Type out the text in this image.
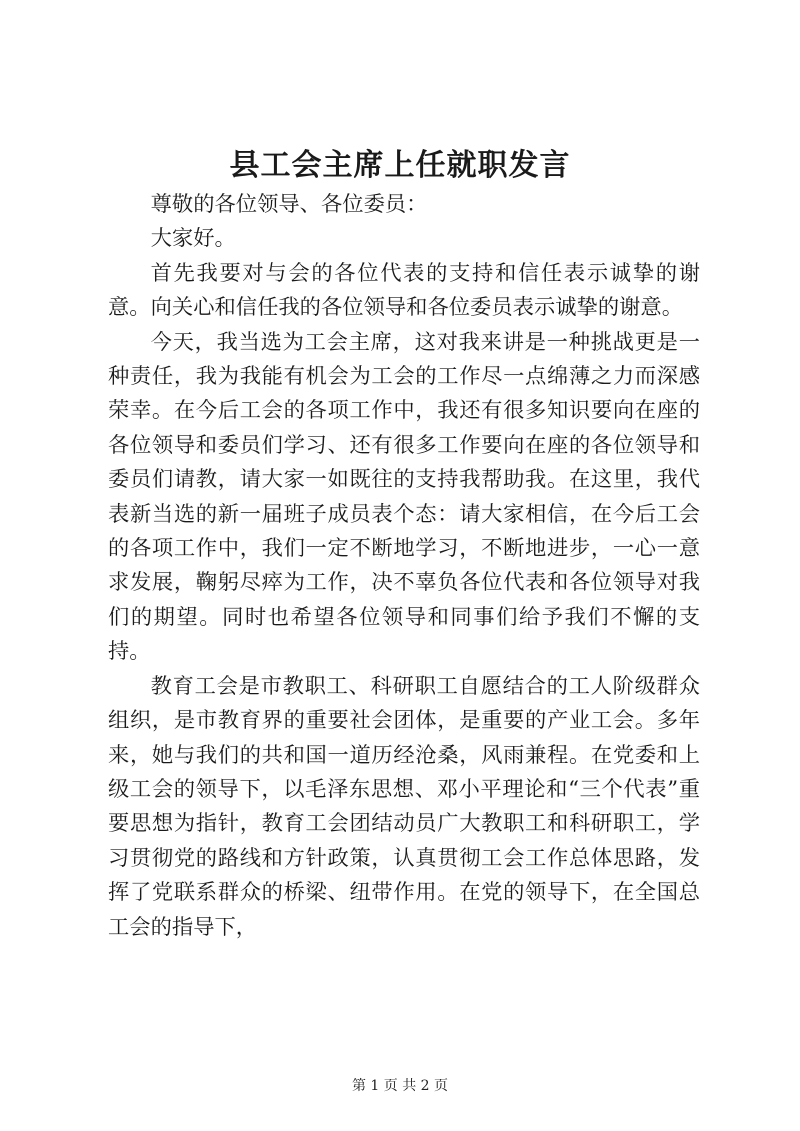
县工会主席上任就职发言

尊敬的各位领导、各位委员：

大家好。

首先我要对与会的各位代表的支持和信任表示诚挚的谢意。向关心和信任我的各位领导和各位委员表示诚挚的谢意。

今天，我当选为工会主席，这对我来讲是一种挑战更是一种责任，我为我能有机会为工会的工作尽一点绵薄之力而深感荣幸。在今后工会的各项工作中，我还有很多知识要向在座的各位领导和委员们学习、还有很多工作要向在座的各位领导和委员们请教，请大家一如既往的支持我帮助我。在这里，我代表新当选的新一届班子成员表个态：请大家相信，在今后工会的各项工作中，我们一定不断地学习，不断地进步，一心一意求发展，鞠躬尽瘁为工作，决不辜负各位代表和各位领导对我们的期望。同时也希望各位领导和同事们给予我们不懈的支持。

教育工会是市教职工、科研职工自愿结合的工人阶级群众组织，是市教育界的重要社会团体，是重要的产业工会。多年来，她与我们的共和国一道历经沧桑，风雨兼程。在党委和上级工会的领导下，以毛泽东思想、邓小平理论和“三个代表”重要思想为指针，教育工会团结动员广大教职工和科研职工，学习贯彻党的路线和方针政策，认真贯彻工会工作总体思路，发挥了党联系群众的桥梁、纽带作用。在党的领导下，在全国总工会的指导下，

第 1 页 共 2 页
